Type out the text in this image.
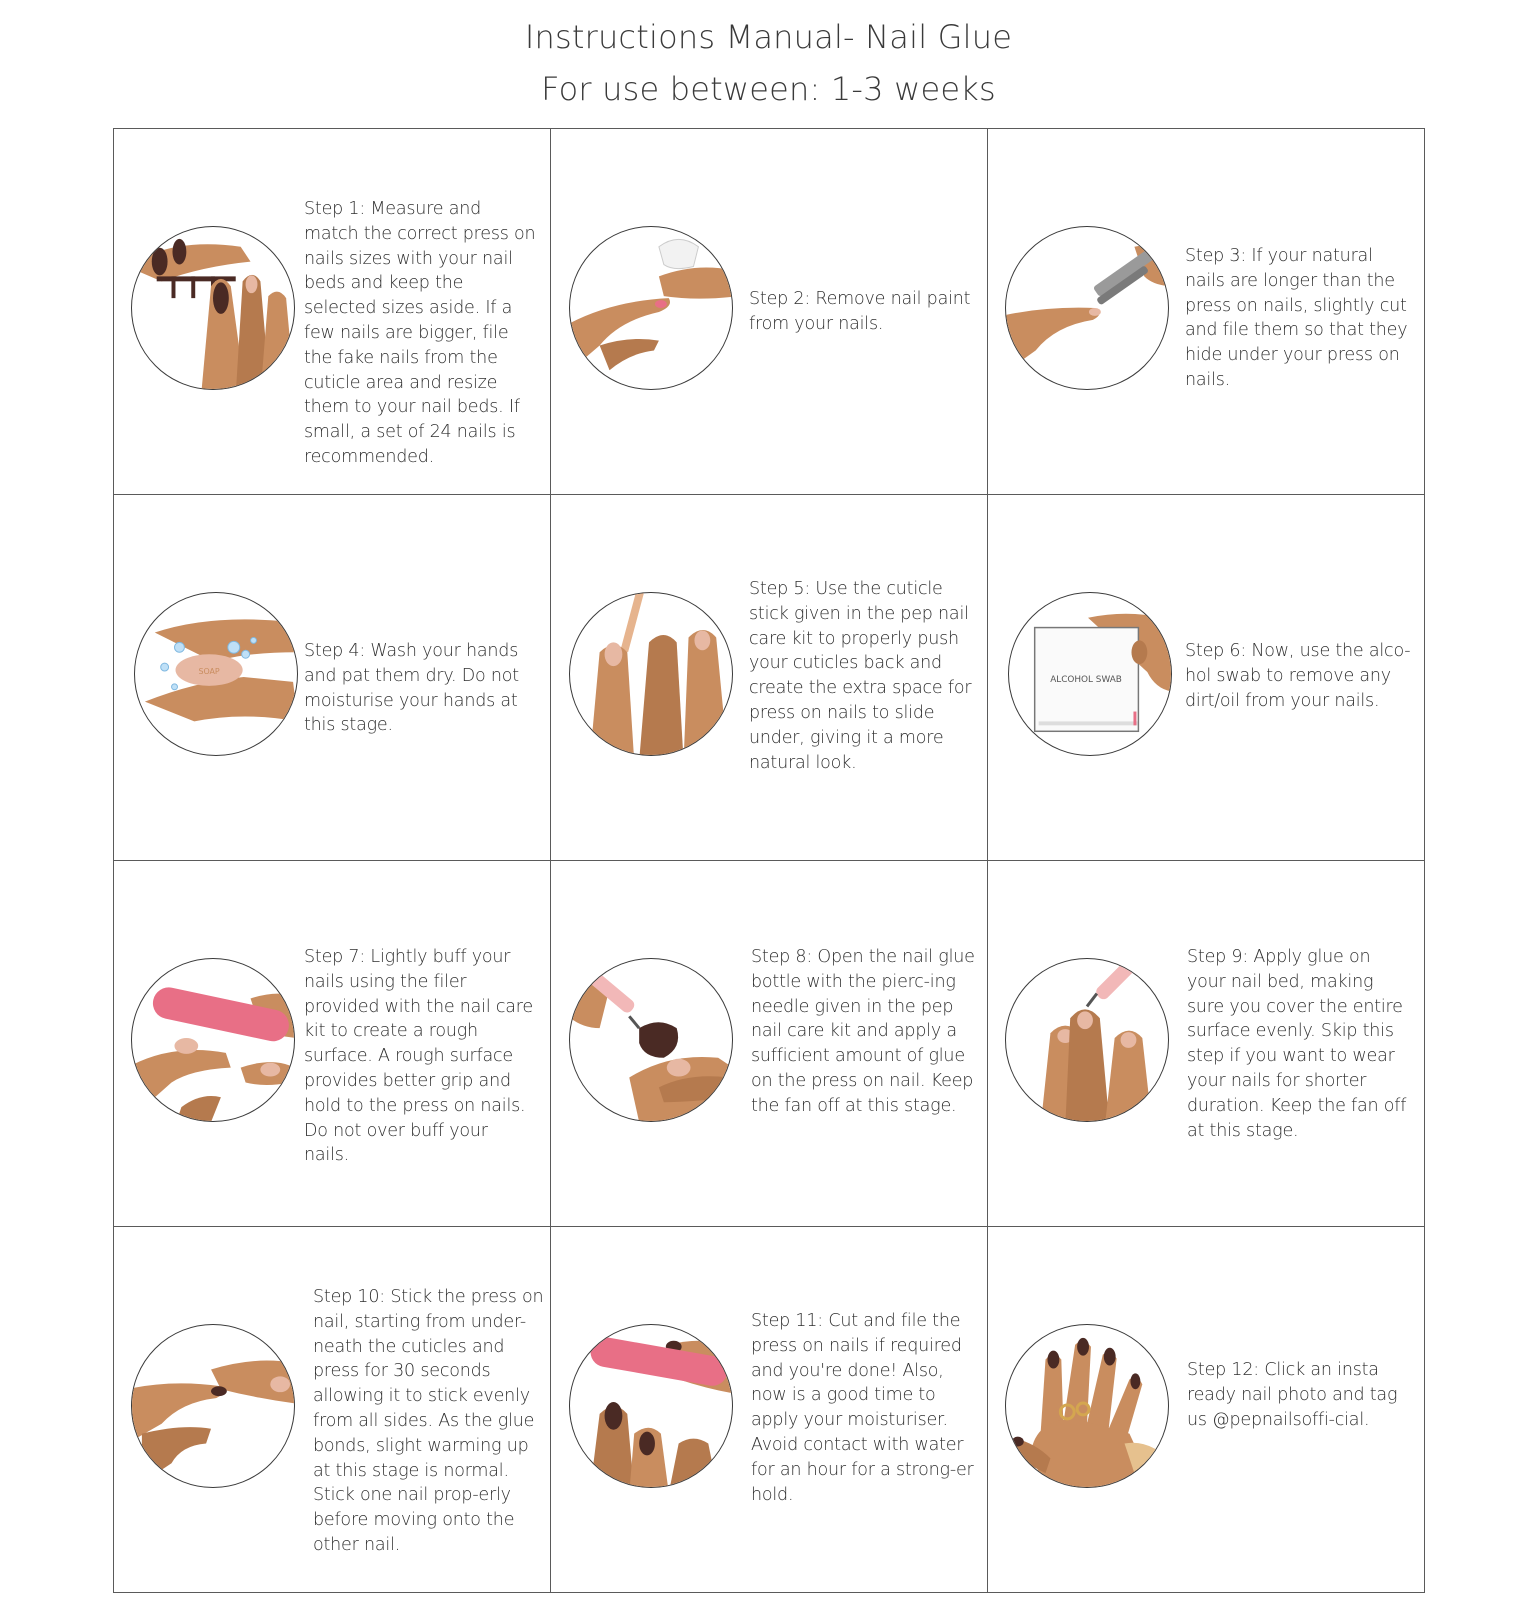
Instructions Manual- Nail Glue
For use between: 1-3 weeks
Step 1: Measure and match the correct press on nails sizes with your nail beds and keep the selected sizes aside. If a few nails are bigger, file the fake nails from the cuticle area and resize them to your nail beds. If small, a set of 24 nails is recommended.
Step 2: Remove nail paint from your nails.
Step 3: If your natural nails are longer than the press on nails, slightly cut and file them so that they hide under your press on nails.
SOAP
Step 4: Wash your hands and pat them dry. Do not moisturise your hands at this stage.
Step 5: Use the cuticle stick given in the pep nail care kit to properly push your cuticles back and create the extra space for press on nails to slide under, giving it a more natural look.
ALCOHOL SWAB
Step 6: Now, use the alco-hol swab to remove any dirt/oil from your nails.
Step 7: Lightly buff your nails using the filer provided with the nail care kit to create a rough surface. A rough surface provides better grip and hold to the press on nails. Do not over buff your nails.
Step 8: Open the nail glue bottle with the pierc-ing needle given in the pep nail care kit and apply a sufficient amount of glue on the press on nail. Keep the fan off at this stage.
Step 9: Apply glue on your nail bed, making sure you cover the entire surface evenly. Skip this step if you want to wear your nails for shorter duration. Keep the fan off at this stage.
Step 10: Stick the press on nail, starting from under-neath the cuticles and press for 30 seconds allowing it to stick evenly from all sides. As the glue bonds, slight warming up at this stage is normal. Stick one nail prop-erly before moving onto the other nail.
Step 11: Cut and file the press on nails if required and you're done! Also, now is a good time to apply your moisturiser. Avoid contact with water for an hour for a strong-er hold.
Step 12: Click an insta ready nail photo and tag us @pepnailsoffi-cial.
